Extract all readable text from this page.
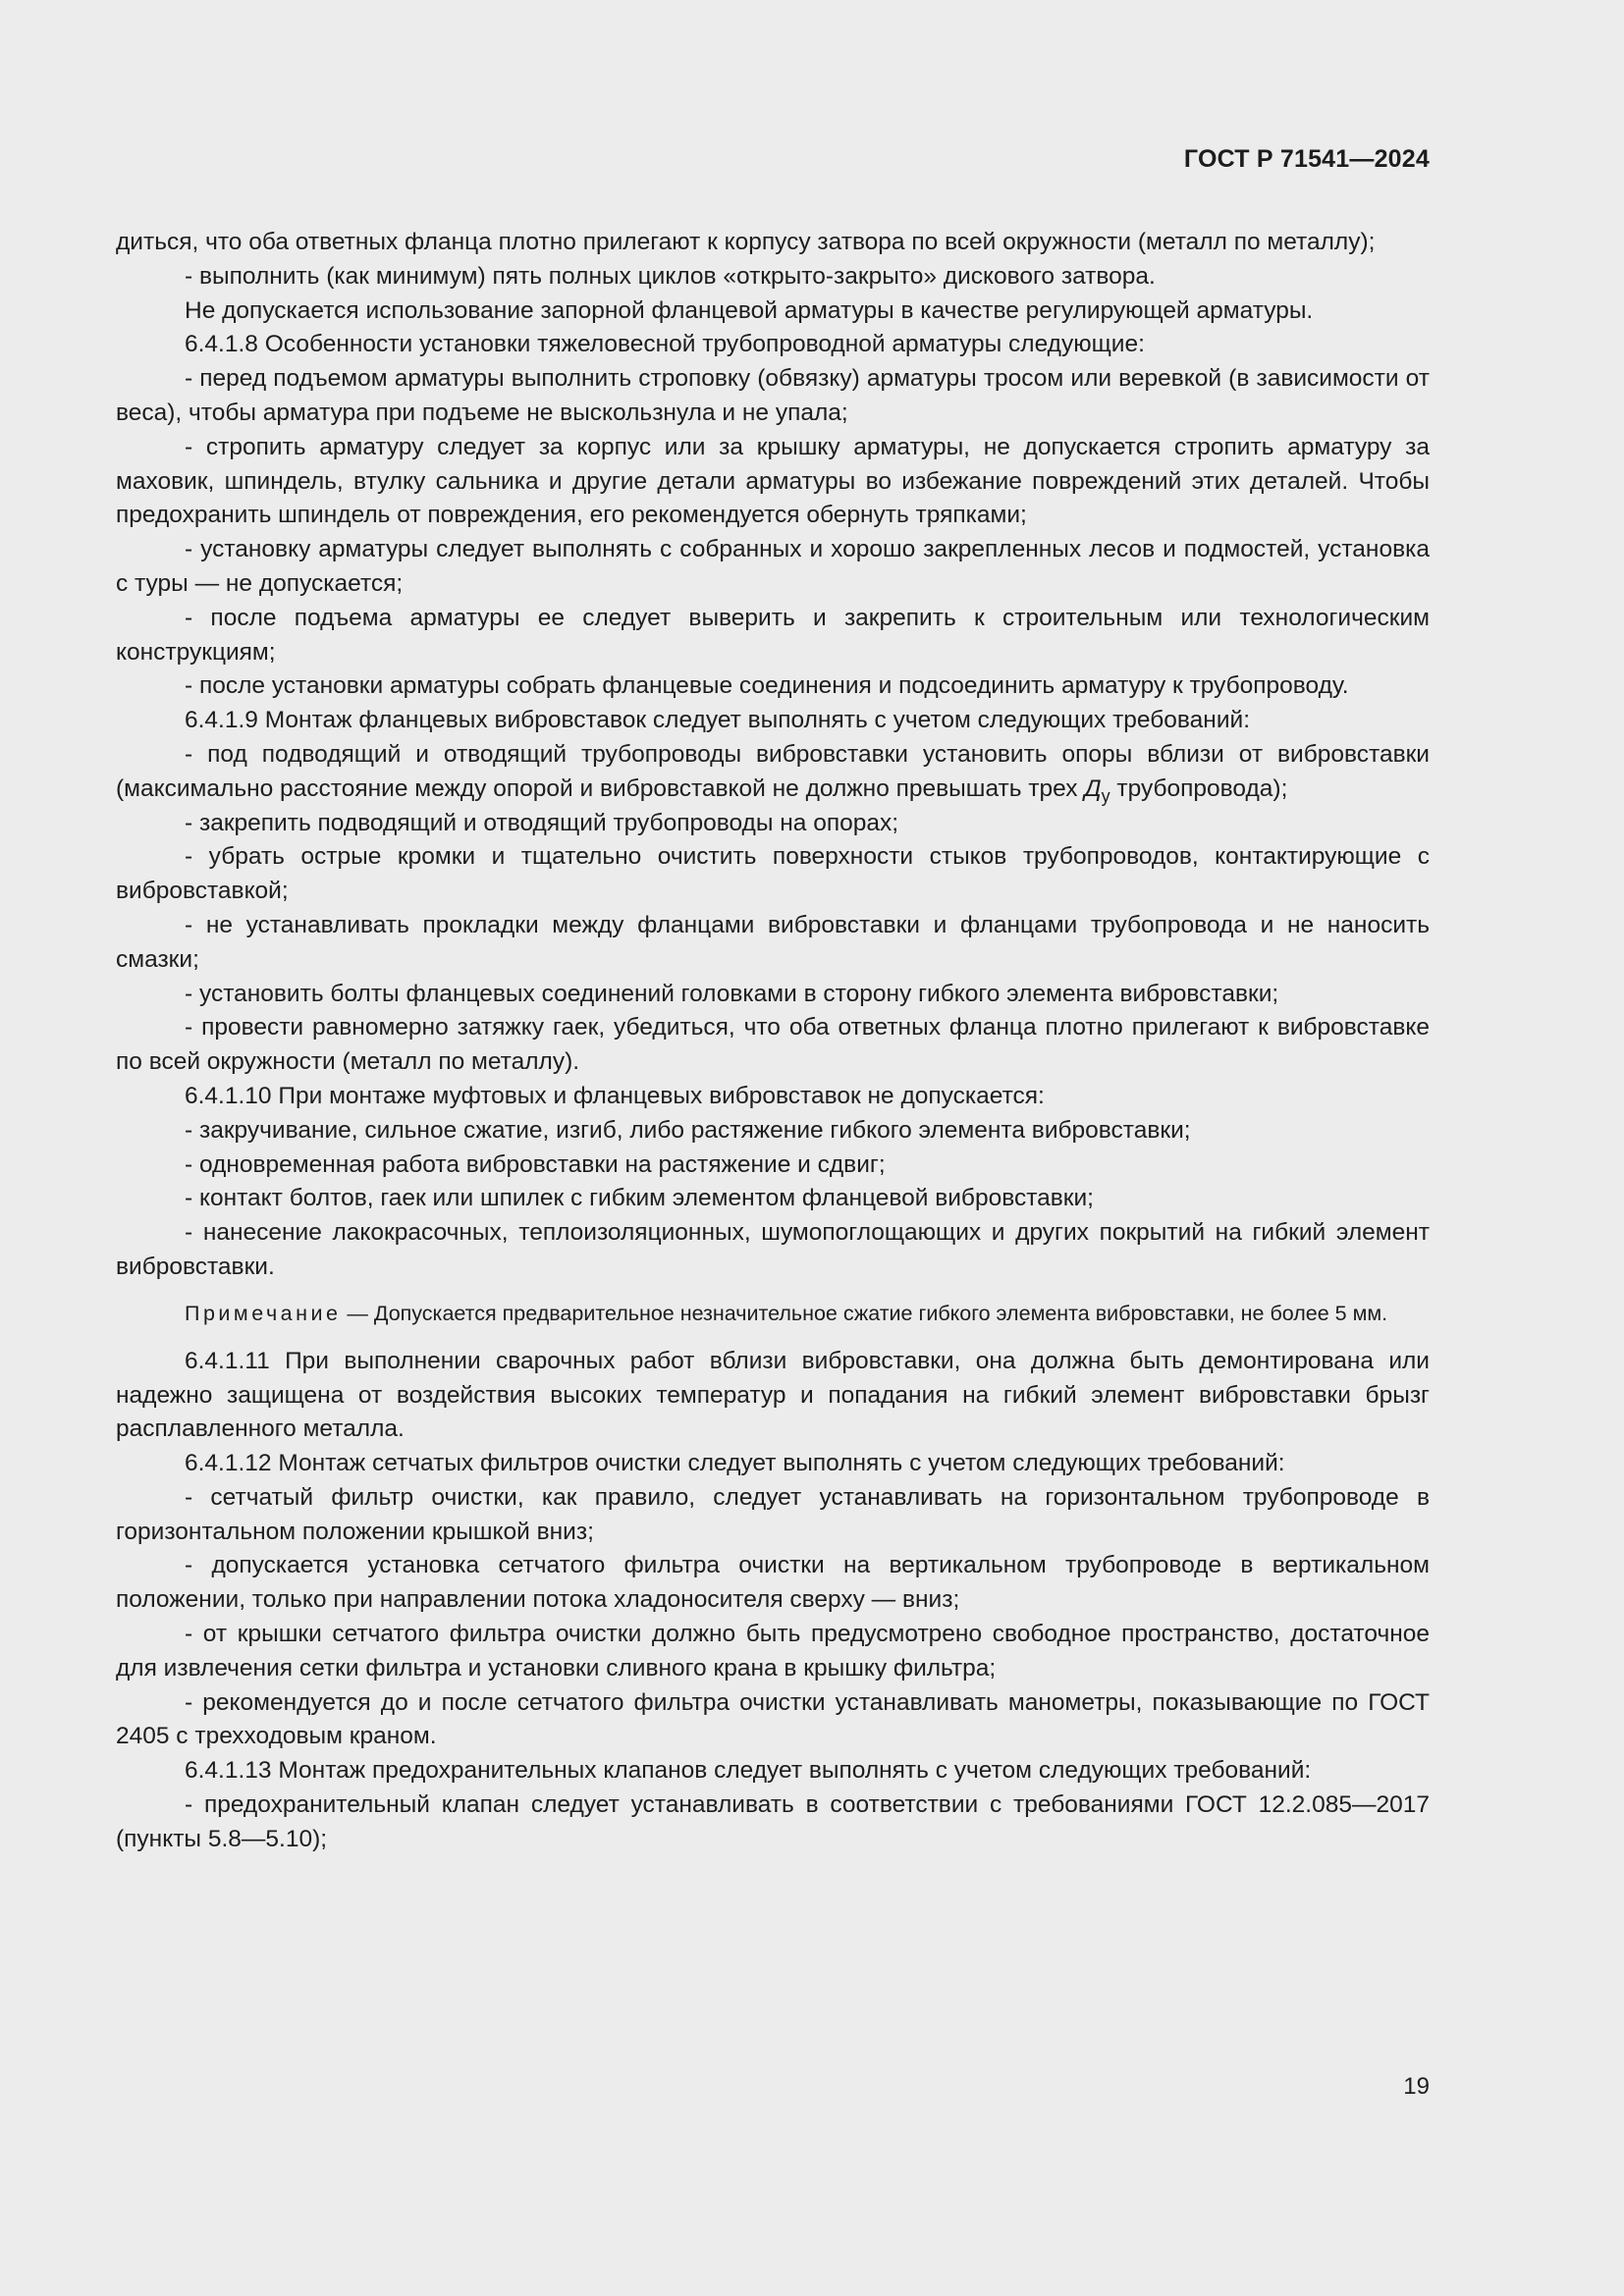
ГОСТ Р 71541—2024

диться, что оба ответных фланца плотно прилегают к корпусу затвора по всей окружности (металл по металлу);

- выполнить (как минимум) пять полных циклов «открыто-закрыто» дискового затвора.

Не допускается использование запорной фланцевой арматуры в качестве регулирующей арматуры.

6.4.1.8 Особенности установки тяжеловесной трубопроводной арматуры следующие:

- перед подъемом арматуры выполнить строповку (обвязку) арматуры тросом или веревкой (в зависимости от веса), чтобы арматура при подъеме не выскользнула и не упала;

- стропить арматуру следует за корпус или за крышку арматуры, не допускается стропить арматуру за маховик, шпиндель, втулку сальника и другие детали арматуры во избежание повреждений этих деталей. Чтобы предохранить шпиндель от повреждения, его рекомендуется обернуть тряпками;

- установку арматуры следует выполнять с собранных и хорошо закрепленных лесов и подмостей, установка с туры — не допускается;

- после подъема арматуры ее следует выверить и закрепить к строительным или технологическим конструкциям;

- после установки арматуры собрать фланцевые соединения и подсоединить арматуру к трубопроводу.

6.4.1.9 Монтаж фланцевых вибровставок следует выполнять с учетом следующих требований:

- под подводящий и отводящий трубопроводы вибровставки установить опоры вблизи от вибровставки (максимально расстояние между опорой и вибровставкой не должно превышать трех $Д_у$ трубопровода);

- закрепить подводящий и отводящий трубопроводы на опорах;

- убрать острые кромки и тщательно очистить поверхности стыков трубопроводов, контактирующие с вибровставкой;

- не устанавливать прокладки между фланцами вибровставки и фланцами трубопровода и не наносить смазки;

- установить болты фланцевых соединений головками в сторону гибкого элемента вибровставки;

- провести равномерно затяжку гаек, убедиться, что оба ответных фланца плотно прилегают к вибровставке по всей окружности (металл по металлу).

6.4.1.10 При монтаже муфтовых и фланцевых вибровставок не допускается:

- закручивание, сильное сжатие, изгиб, либо растяжение гибкого элемента вибровставки;

- одновременная работа вибровставки на растяжение и сдвиг;

- контакт болтов, гаек или шпилек с гибким элементом фланцевой вибровставки;

- нанесение лакокрасочных, теплоизоляционных, шумопоглощающих и других покрытий на гибкий элемент вибровставки.

Примечание — Допускается предварительное незначительное сжатие гибкого элемента вибровставки, не более 5 мм.

6.4.1.11 При выполнении сварочных работ вблизи вибровставки, она должна быть демонтирована или надежно защищена от воздействия высоких температур и попадания на гибкий элемент вибровставки брызг расплавленного металла.

6.4.1.12 Монтаж сетчатых фильтров очистки следует выполнять с учетом следующих требований:

- сетчатый фильтр очистки, как правило, следует устанавливать на горизонтальном трубопроводе в горизонтальном положении крышкой вниз;

- допускается установка сетчатого фильтра очистки на вертикальном трубопроводе в вертикальном положении, только при направлении потока хладоносителя сверху — вниз;

- от крышки сетчатого фильтра очистки должно быть предусмотрено свободное пространство, достаточное для извлечения сетки фильтра и установки сливного крана в крышку фильтра;

- рекомендуется до и после сетчатого фильтра очистки устанавливать манометры, показывающие по ГОСТ 2405 с трехходовым краном.

6.4.1.13 Монтаж предохранительных клапанов следует выполнять с учетом следующих требований:

- предохранительный клапан следует устанавливать в соответствии с требованиями ГОСТ 12.2.085—2017 (пункты 5.8—5.10);

19
